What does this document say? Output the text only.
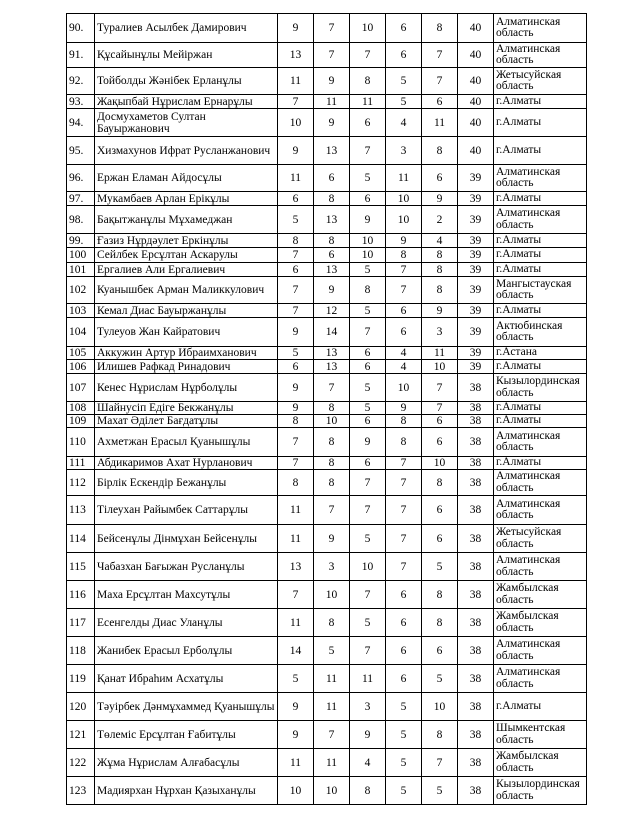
90.	Туралиев Асылбек Дамирович	9	7	10	6	8	40	Алматинская область
91.	Құсайынұлы Мейіржан	13	7	7	6	7	40	Алматинская область
92.	Тойболды Жәнібек Ерланұлы	11	9	8	5	7	40	Жетысуйская область
93.	Жақыпбай Нұрислам Ернарұлы	7	11	11	5	6	40	г.Алматы
94.	Досмухаметов Султан Бауыржанович	10	9	6	4	11	40	г.Алматы
95.	Хизмахунов Ифрат Русланжанович	9	13	7	3	8	40	г.Алматы
96.	Ержан Еламан Айдосұлы	11	6	5	11	6	39	Алматинская область
97.	Мукамбаев Арлан Ерікұлы	6	8	6	10	9	39	г.Алматы
98.	Бақытжанұлы Мұхамеджан	5	13	9	10	2	39	Алматинская область
99.	Ғазиз Нұрдәулет Еркінұлы	8	8	10	9	4	39	г.Алматы
100	Сейлбек Ерсұлтан Аскарулы	7	6	10	8	8	39	г.Алматы
101	Ергалиев Али Ергалиевич	6	13	5	7	8	39	г.Алматы
102	Куанышбек Арман Маликкулович	7	9	8	7	8	39	Мангыстауская область
103	Кемал Диас Бауыржанұлы	7	12	5	6	9	39	г.Алматы
104	Тулеуов Жан Кайратович	9	14	7	6	3	39	Актюбинская область
105	Аккужин Артур Ибраимханович	5	13	6	4	11	39	г.Астана
106	Илишев Рафкад Ринадович	6	13	6	4	10	39	г.Алматы
107	Кенес Нұрислам Нұрболұлы	9	7	5	10	7	38	Кызылординская область
108	Шайнусіп Едіге Бекжанұлы	9	8	5	9	7	38	г.Алматы
109	Махат Әділет Бағдатұлы	8	10	6	8	6	38	г.Алматы
110	Ахметжан Ерасыл Қуанышұлы	7	8	9	8	6	38	Алматинская область
111	Абдикаримов Ахат Нурланович	7	8	6	7	10	38	г.Алматы
112	Бірлік Ескендір Бежанұлы	8	8	7	7	8	38	Алматинская область
113	Тілеухан Райымбек Саттарұлы	11	7	7	7	6	38	Алматинская область
114	Бейсенұлы Дінмұхан Бейсенұлы	11	9	5	7	6	38	Жетысуйская область
115	Чабазхан Бағыжан Русланұлы	13	3	10	7	5	38	Алматинская область
116	Маха Ерсұлтан Махсутұлы	7	10	7	6	8	38	Жамбылская область
117	Есенгелды Диас Уланұлы	11	8	5	6	8	38	Жамбылская область
118	Жанибек Ерасыл Ерболұлы	14	5	7	6	6	38	Алматинская область
119	Қанат Ибраһим Асхатұлы	5	11	11	6	5	38	Алматинская область
120	Тәуірбек Дәнмұхаммед Қуанышұлы	9	11	3	5	10	38	г.Алматы
121	Төлеміс Ерсұлтан Ғабитұлы	9	7	9	5	8	38	Шымкентская область
122	Жұма Нұрислам Алғабасұлы	11	11	4	5	7	38	Жамбылская область
123	Мадиярхан Нұрхан Қазыханұлы	10	10	8	5	5	38	Кызылординская область
